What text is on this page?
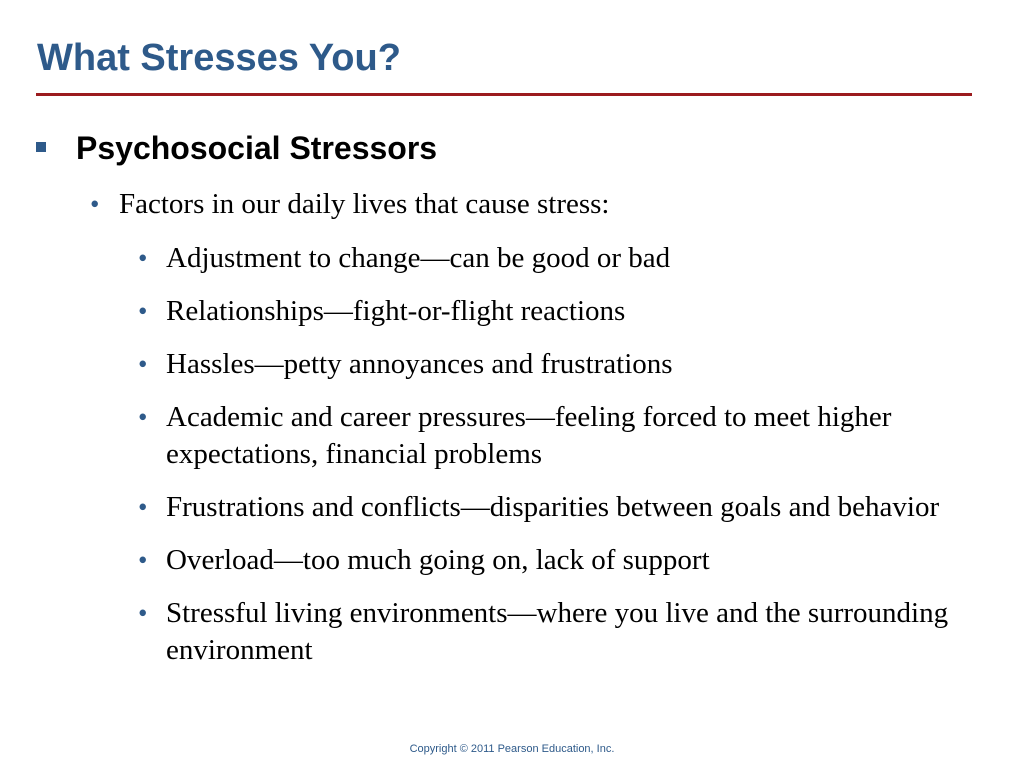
What Stresses You?
Psychosocial Stressors
• Factors in our daily lives that cause stress:
• Adjustment to change—can be good or bad
• Relationships—fight-or-flight reactions
• Hassles—petty annoyances and frustrations
• Academic and career pressures—feeling forced to meet higher expectations, financial problems
• Frustrations and conflicts—disparities between goals and behavior
• Overload—too much going on, lack of support
• Stressful living environments—where you live and the surrounding environment
Copyright © 2011 Pearson Education, Inc.
